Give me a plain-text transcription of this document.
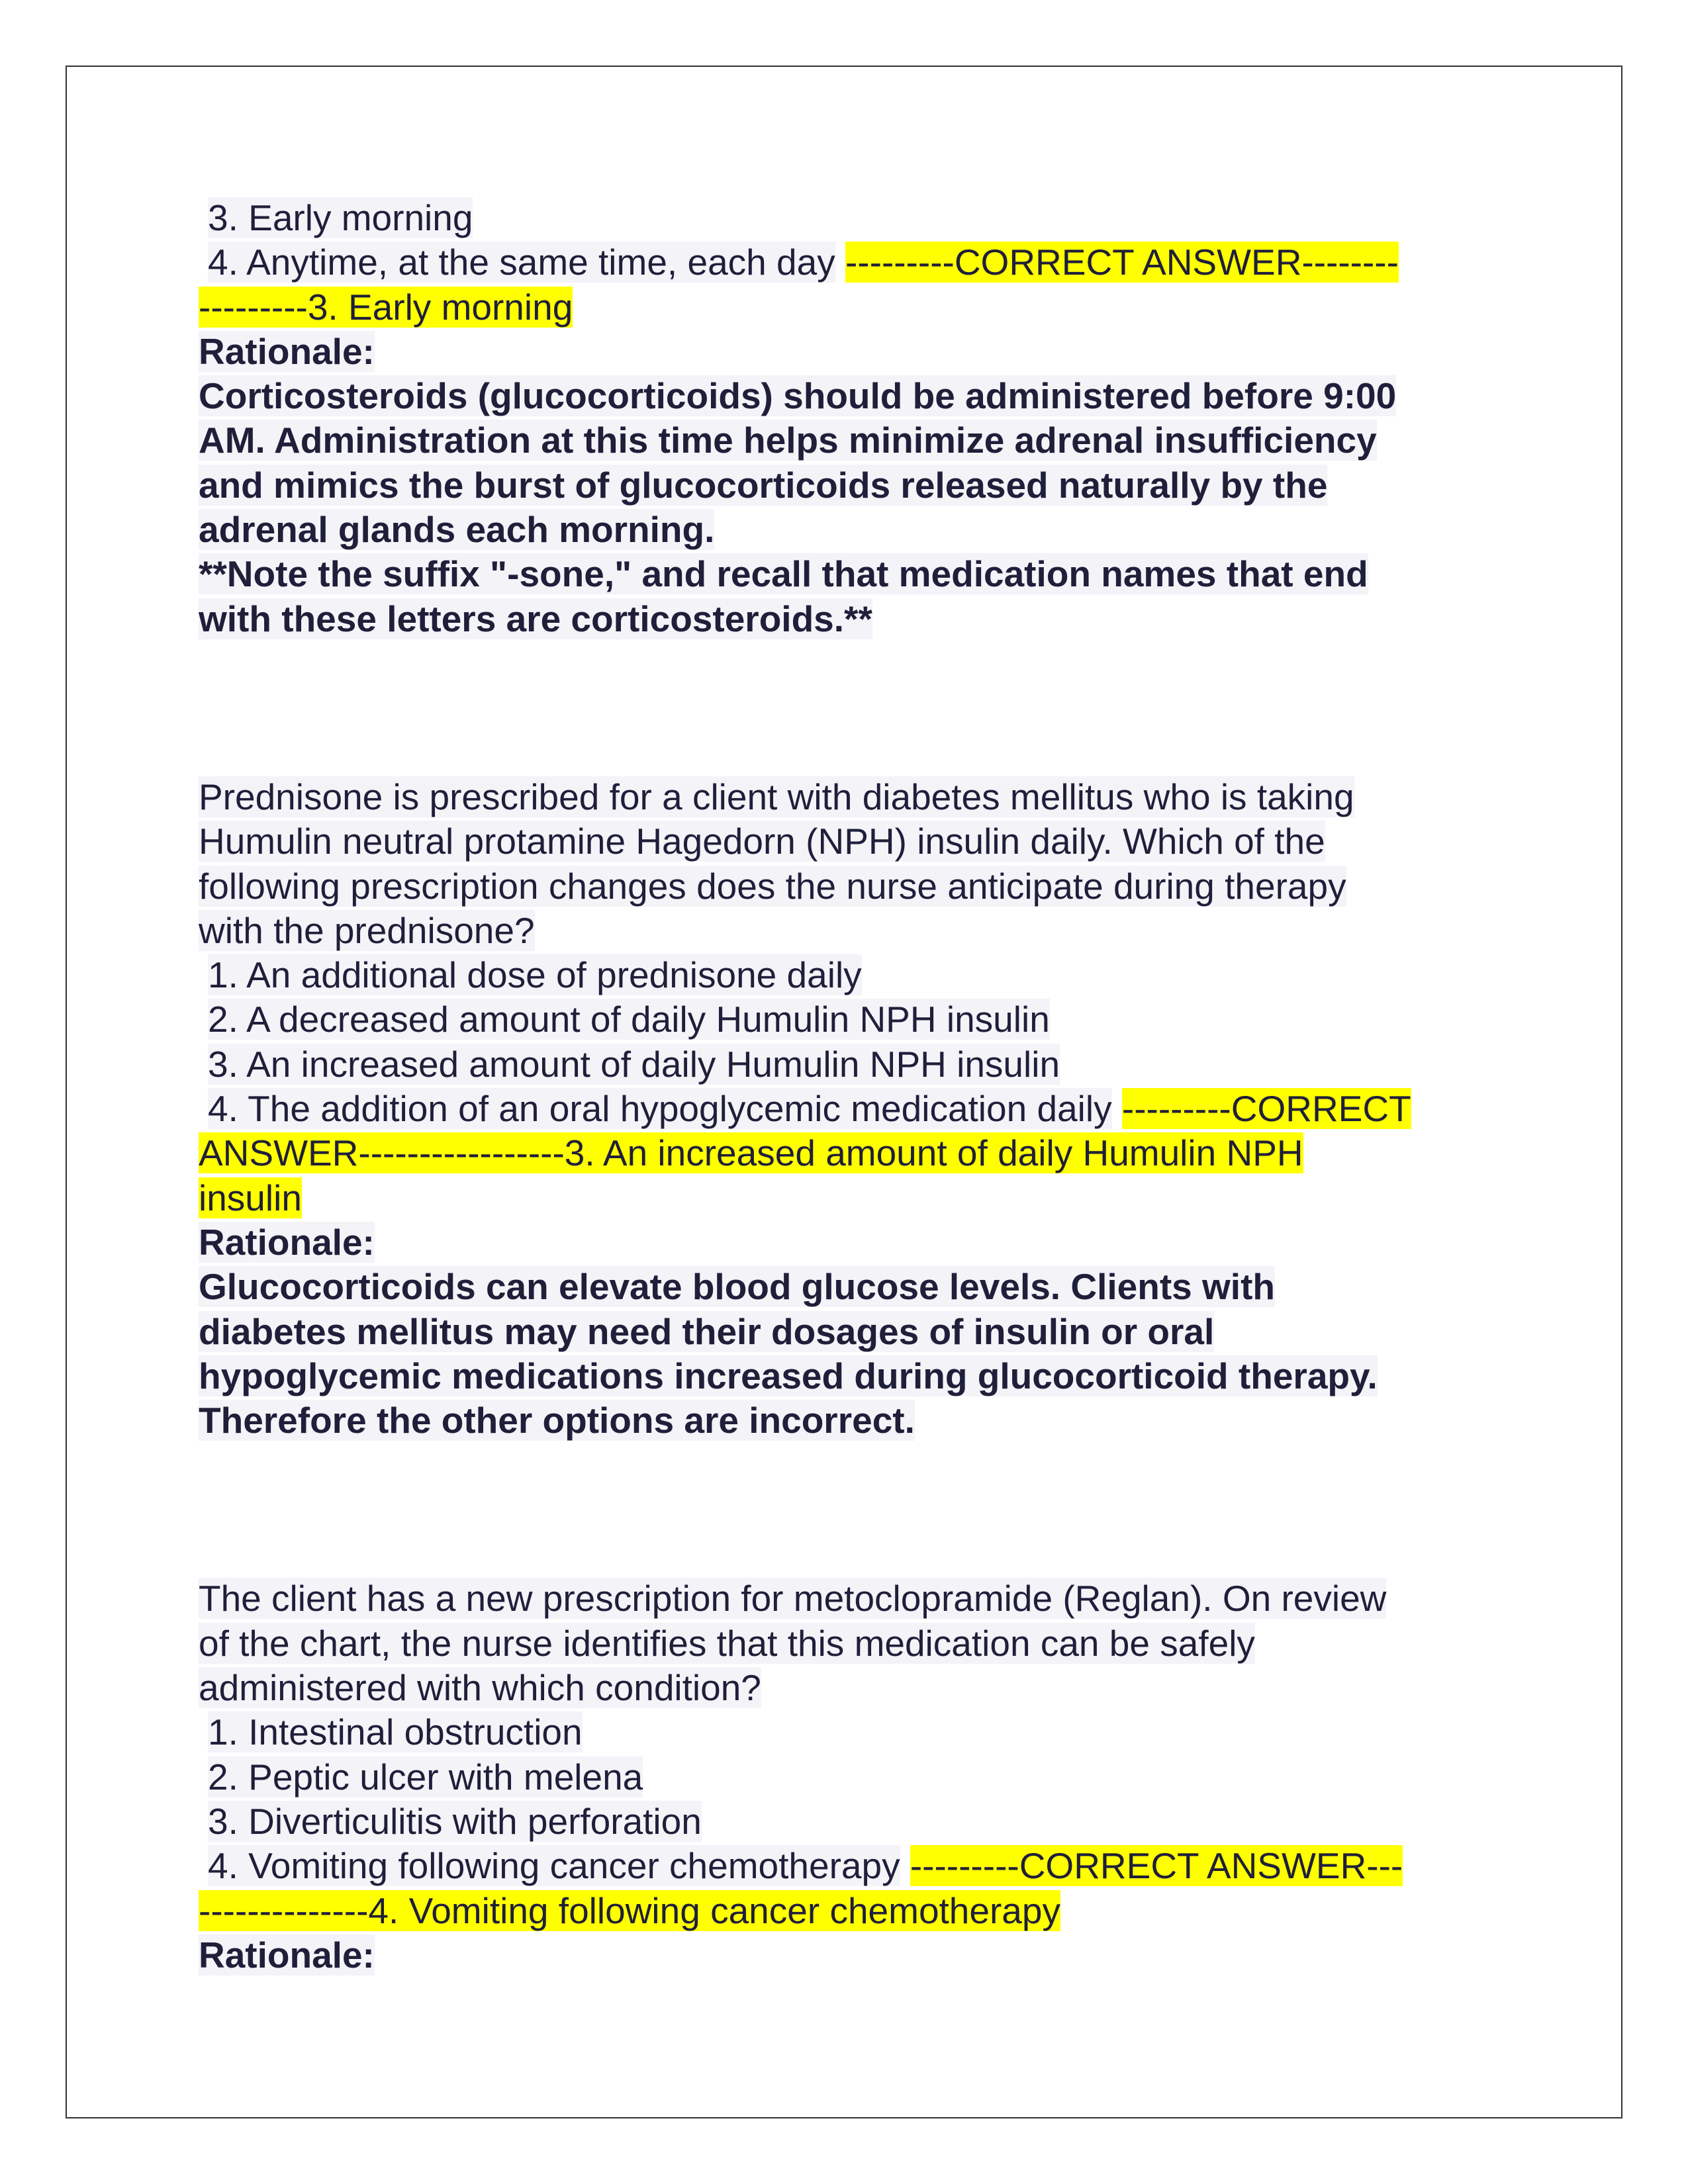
3. Early morning
4. Anytime, at the same time, each day ---------CORRECT ANSWER--------
---------3. Early morning
Rationale:
Corticosteroids (glucocorticoids) should be administered before 9:00
AM. Administration at this time helps minimize adrenal insufficiency
and mimics the burst of glucocorticoids released naturally by the
adrenal glands each morning.
**Note the suffix "-sone," and recall that medication names that end
with these letters are corticosteroids.**
Prednisone is prescribed for a client with diabetes mellitus who is taking
Humulin neutral protamine Hagedorn (NPH) insulin daily. Which of the
following prescription changes does the nurse anticipate during therapy
with the prednisone?
1. An additional dose of prednisone daily
2. A decreased amount of daily Humulin NPH insulin
3. An increased amount of daily Humulin NPH insulin
4. The addition of an oral hypoglycemic medication daily ---------CORRECT
ANSWER-----------------3. An increased amount of daily Humulin NPH
insulin
Rationale:
Glucocorticoids can elevate blood glucose levels. Clients with
diabetes mellitus may need their dosages of insulin or oral
hypoglycemic medications increased during glucocorticoid therapy.
Therefore the other options are incorrect.
The client has a new prescription for metoclopramide (Reglan). On review
of the chart, the nurse identifies that this medication can be safely
administered with which condition?
1. Intestinal obstruction
2. Peptic ulcer with melena
3. Diverticulitis with perforation
4. Vomiting following cancer chemotherapy ---------CORRECT ANSWER---
--------------4. Vomiting following cancer chemotherapy
Rationale:
